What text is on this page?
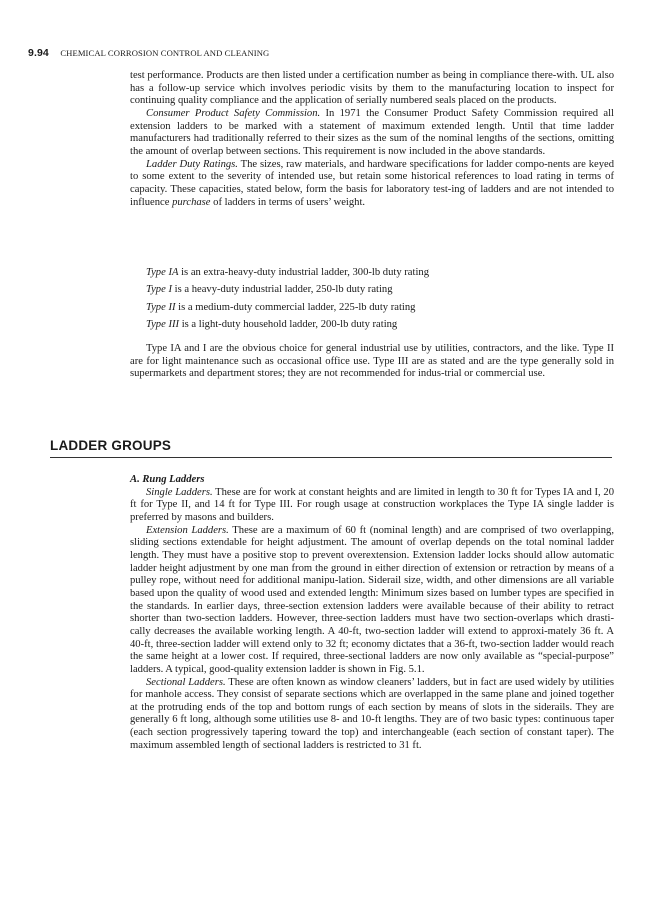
9.94 CHEMICAL CORROSION CONTROL AND CLEANING

test performance. Products are then listed under a certification number as being in compliance there-with. UL also has a follow-up service which involves periodic visits by them to the manufacturing location to inspect for continuing quality compliance and the application of serially numbered seals placed on the products.

Consumer Product Safety Commission. In 1971 the Consumer Product Safety Commission required all extension ladders to be marked with a statement of maximum extended length. Until that time ladder manufacturers had traditionally referred to their sizes as the sum of the nominal lengths of the sections, omitting the amount of overlap between sections. This requirement is now included in the above standards.

Ladder Duty Ratings. The sizes, raw materials, and hardware specifications for ladder compo-nents are keyed to some extent to the severity of intended use, but retain some historical references to load rating in terms of capacity. These capacities, stated below, form the basis for laboratory test-ing of ladders and are not intended to influence purchase of ladders in terms of users’ weight.

Type IA is an extra-heavy-duty industrial ladder, 300-lb duty rating
Type I is a heavy-duty industrial ladder, 250-lb duty rating
Type II is a medium-duty commercial ladder, 225-lb duty rating
Type III is a light-duty household ladder, 200-lb duty rating

Type IA and I are the obvious choice for general industrial use by utilities, contractors, and the like. Type II are for light maintenance such as occasional office use. Type III are as stated and are the type generally sold in supermarkets and department stores; they are not recommended for indus-trial or commercial use.

LADDER GROUPS

A. Rung Ladders

Single Ladders. These are for work at constant heights and are limited in length to 30 ft for Types IA and I, 20 ft for Type II, and 14 ft for Type III. For rough usage at construction workplaces the Type IA single ladder is preferred by masons and builders.

Extension Ladders. These are a maximum of 60 ft (nominal length) and are comprised of two overlapping, sliding sections extendable for height adjustment. The amount of overlap depends on the total nominal ladder length. They must have a positive stop to prevent overextension. Extension ladder locks should allow automatic ladder height adjustment by one man from the ground in either direction of extension or retraction by means of a pulley rope, without need for additional manipu-lation. Siderail size, width, and other dimensions are all variable based upon the quality of wood used and extended length: Minimum sizes based on lumber types are specified in the standards. In earlier days, three-section extension ladders were available because of their ability to retract shorter than two-section ladders. However, three-section ladders must have two section-overlaps which drasti-cally decreases the available working length. A 40-ft, two-section ladder will extend to approxi-mately 36 ft. A 40-ft, three-section ladder will extend only to 32 ft; economy dictates that a 36-ft, two-section ladder would reach the same height at a lower cost. If required, three-sectional ladders are now only available as “special-purpose” ladders. A typical, good-quality extension ladder is shown in Fig. 5.1.

Sectional Ladders. These are often known as window cleaners’ ladders, but in fact are used widely by utilities for manhole access. They consist of separate sections which are overlapped in the same plane and joined together at the protruding ends of the top and bottom rungs of each section by means of slots in the siderails. They are generally 6 ft long, although some utilities use 8- and 10-ft lengths. They are of two basic types: continuous taper (each section progressively tapering toward the top) and interchangeable (each section of constant taper). The maximum assembled length of sectional ladders is restricted to 31 ft.
